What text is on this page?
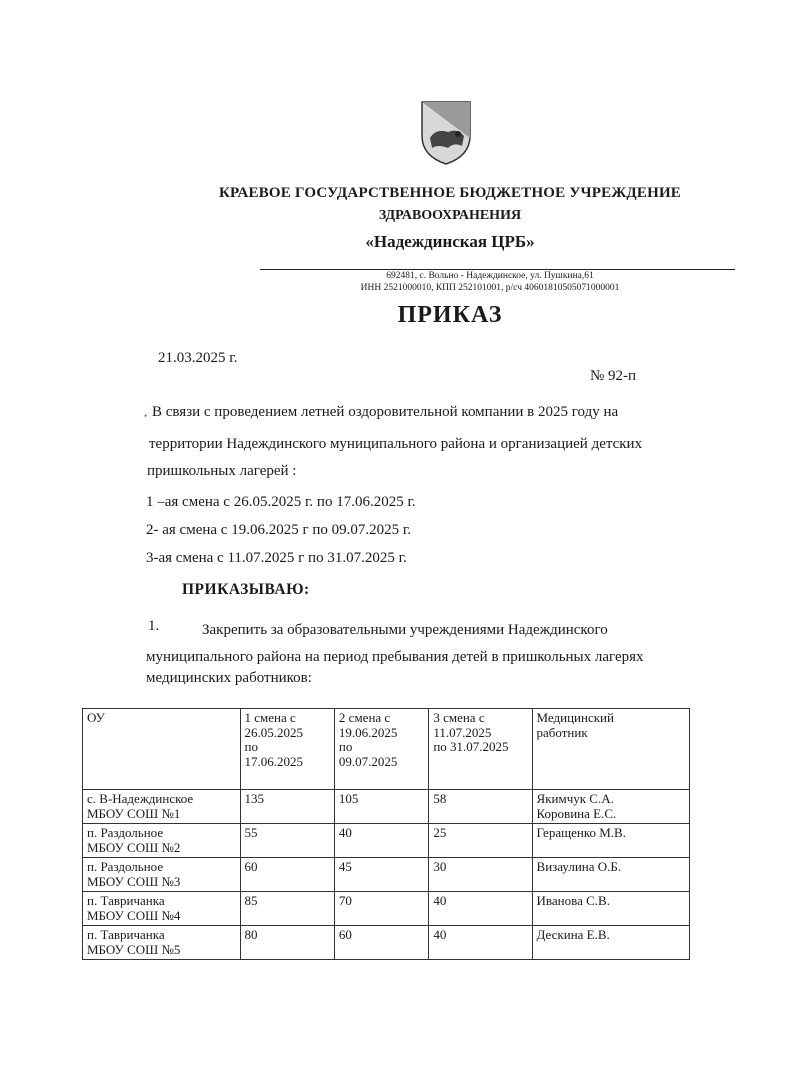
КРАЕВОЕ ГОСУДАРСТВЕННОЕ БЮДЖЕТНОЕ УЧРЕЖДЕНИЕ
ЗДРАВООХРАНЕНИЯ
«Надеждинская ЦРБ»
692481, с. Вольно - Надеждинское, ул. Пушкина,61
ИНН 2521000010, КПП 252101001, р/сч 40601810505071000001
ПРИКАЗ
21.03.2025 г.
№ 92-п
• В связи с проведением летней оздоровительной компании в 2025 году на
территории Надеждинского муниципального района и организацией детских
пришкольных лагерей :
1 –ая смена с 26.05.2025 г. по 17.06.2025 г.
2- ая смена с 19.06.2025 г по 09.07.2025 г.
3-ая смена с 11.07.2025 г по 31.07.2025 г.
ПРИКАЗЫВАЮ:
1.	Закрепить за образовательными учреждениями Надеждинского
муниципального района на период пребывания детей в пришкольных лагерях
медицинских работников:
ОУ	1 смена с
26.05.2025
по
17.06.2025	2 смена с
19.06.2025
по
09.07.2025	3 смена с
11.07.2025
по 31.07.2025	Медицинский
работник
с. В-Надеждинское
МБОУ СОШ №1	135	105	58	Якимчук С.А.
Коровина Е.С.
п. Раздольное
МБОУ СОШ №2	55	40	25	Геращенко М.В.
п. Раздольное
МБОУ СОШ №3	60	45	30	Визаулина О.Б.
п. Тавричанка
МБОУ СОШ №4	85	70	40	Иванова С.В.
п. Тавричанка
МБОУ СОШ №5	80	60	40	Дескина Е.В.
